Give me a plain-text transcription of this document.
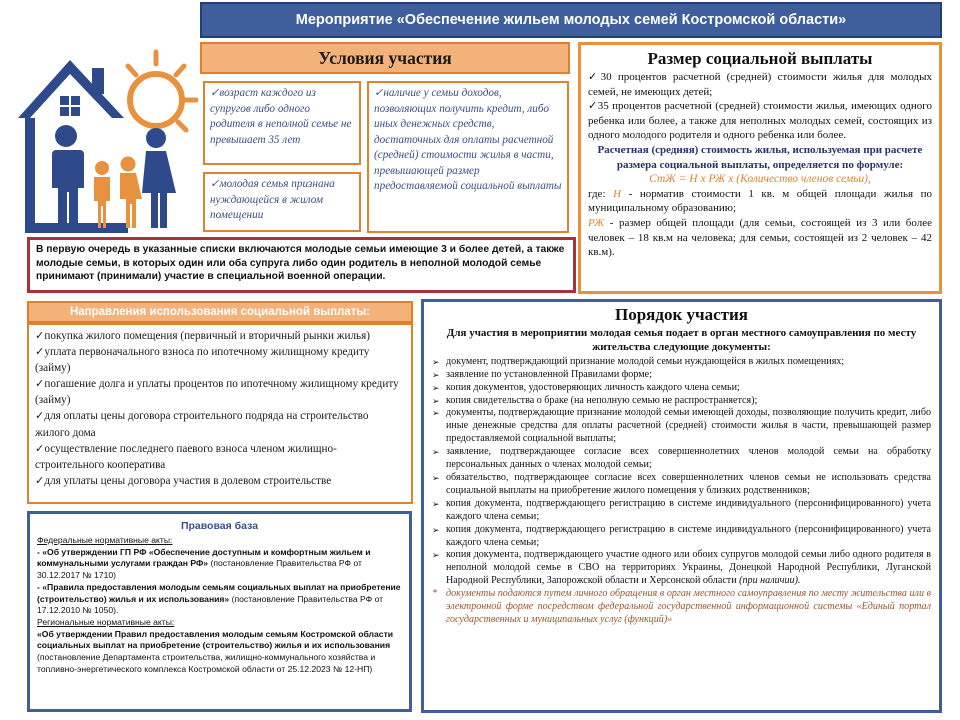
Мероприятие «Обеспечение жильем молодых семей Костромской области»
Условия участия
✓возраст каждого из супругов либо одного родителя в неполной семье не превышает 35 лет
✓молодая семья признана нуждающейся в жилом помещении
✓наличие у семьи доходов, позволяющих получить кредит, либо иных денежных средств, достаточных для оплаты расчетной (средней) стоимости жилья в части, превышающей размер предоставляемой социальной выплаты
В первую очередь в указанные списки включаются молодые семьи имеющие 3 и более детей, а также молодые семьи, в которых один или оба супруга либо один родитель в неполной молодой семье принимают (принимали) участие в специальной военной операции.
Размер социальной выплаты
✓30 процентов расчетной (средней) стоимости жилья для молодых семей, не имеющих детей;
✓35 процентов расчетной (средней) стоимости жилья, имеющих одного ребенка или более, а также для неполных молодых семей, состоящих из одного молодого родителя и одного ребенка или более.
Расчетная (средняя) стоимость жилья, используемая при расчете размера социальной выплаты, определяется по формуле:
СтЖ = Н х РЖ х (Количество членов семьи),
где: Н - норматив стоимости 1 кв. м общей площади жилья по муниципальному образованию;
РЖ - размер общей площади (для семьи, состоящей из 3 или более человек – 18 кв.м на человека; для семьи, состоящей из 2 человек – 42 кв.м).
Направления использования социальной выплаты:
✓покупка жилого помещения (первичный и вторичный рынки жилья)
✓уплата первоначального взноса по ипотечному жилищному кредиту (займу)
✓погашение долга и уплаты процентов по ипотечному жилищному кредиту (займу)
✓для оплаты цены договора строительного подряда на строительство жилого дома
✓осуществление последнего паевого взноса членом жилищно-строительного кооператива
✓для уплаты цены договора участия в долевом строительстве
Правовая база
Федеральные нормативные акты:
- «Об утверждении ГП РФ «Обеспечение доступным и комфортным жильем и коммунальными услугами граждан РФ» (постановление Правительства РФ от 30.12.2017 № 1710)
- «Правила предоставления молодым семьям социальных выплат на приобретение (строительство) жилья и их использования» (постановление Правительства РФ от 17.12.2010 № 1050).
Региональные нормативные акты:
«Об утверждении Правил предоставления молодым семьям Костромской области социальных выплат на приобретение (строительство) жилья и их использования (постановление Департамента строительства, жилищно-коммунального хозяйства и топливно-энергетического комплекса Костромской области от 25.12.2023 № 12-НП)
Порядок участия
Для участия в мероприятии молодая семья подает в орган местного самоуправления по месту жительства следующие документы:
➢ документ, подтверждающий признание молодой семьи нуждающейся в жилых помещениях;
➢ заявление по установленной Правилами форме;
➢ копия документов, удостоверяющих личность каждого члена семьи;
➢ копия свидетельства о браке (на неполную семью не распространяется);
➢ документы, подтверждающие признание молодой семьи имеющей доходы, позволяющие получить кредит, либо иные денежные средства для оплаты расчетной (средней) стоимости жилья в части, превышающей размер предоставляемой социальной выплаты;
➢ заявление, подтверждающее согласие всех совершеннолетних членов молодой семьи на обработку персональных данных о членах молодой семьи;
➢ обязательство, подтверждающее согласие всех совершеннолетних членов семьи не использовать средства социальной выплаты на приобретение жилого помещения у близких родственников;
➢ копия документа, подтверждающего регистрацию в системе индивидуального (персонифицированного) учета каждого члена семьи;
➢ копия документа, подтверждающего регистрацию в системе индивидуального (персонифицированного) учета каждого члена семьи;
➢ копия документа, подтверждающего участие одного или обоих супругов молодой семьи либо одного родителя в неполной молодой семье в СВО на территориях Украины, Донецкой Народной Республики, Луганской Народной Республики, Запорожской области и Херсонской области (при наличии).
* документы подаются путем личного обращения в орган местного самоуправления по месту жительства или в электронной форме посредством федеральной государственной информационной системы «Единый портал государственных и муниципальных услуг (функций)»
